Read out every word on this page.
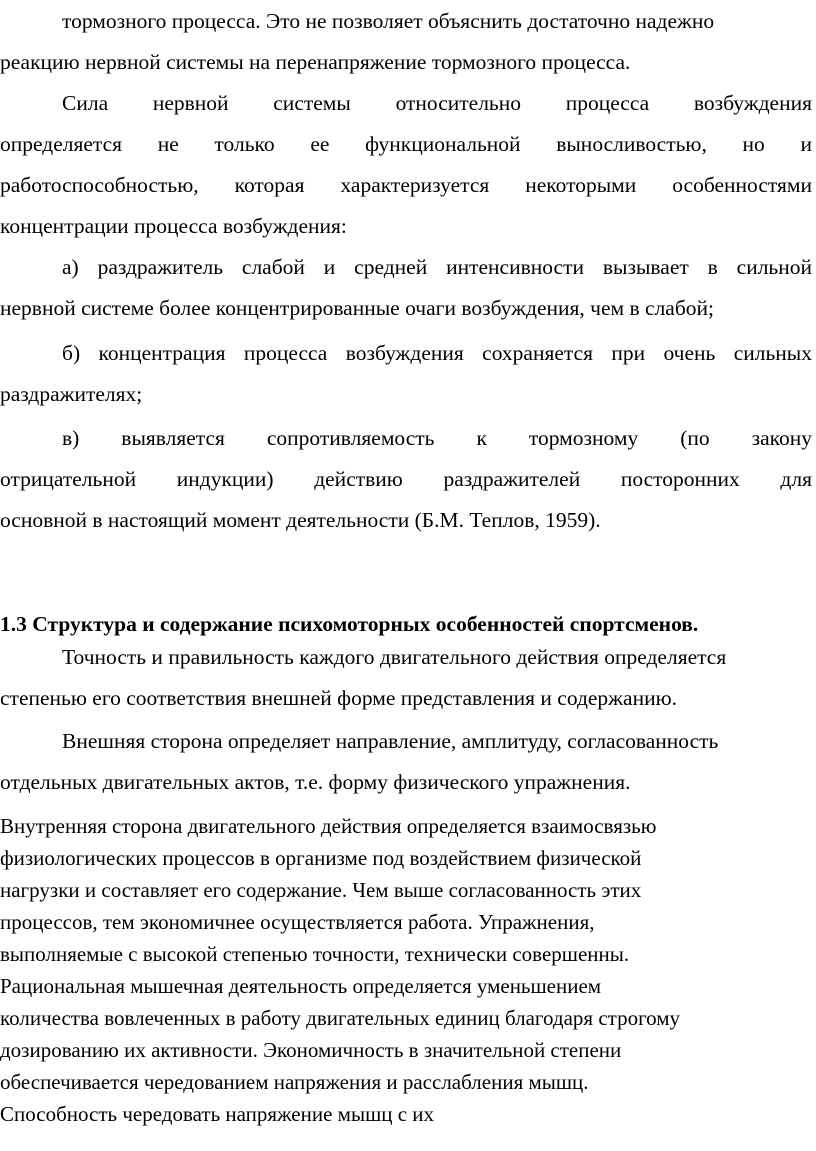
тормозного процесса. Это не позволяет объяснить достаточно надежно
реакцию нервной системы на перенапряжение тормозного процесса.
Сила нервной системы относительно процесса возбуждения
определяется не только ее функциональной выносливостью, но и
работоспособностью, которая характеризуется некоторыми особенностями
концентрации процесса возбуждения:
а) раздражитель слабой и средней интенсивности вызывает в сильной
нервной системе более концентрированные очаги возбуждения, чем в слабой;
б) концентрация процесса возбуждения сохраняется при очень сильных
раздражителях;
в) выявляется сопротивляемость к тормозному (по закону
отрицательной индукции) действию раздражителей посторонних для
основной в настоящий момент деятельности (Б.М. Теплов, 1959).
1.3 Структура и содержание психомоторных особенностей спортсменов.
Точность и правильность каждого двигательного действия определяется
степенью его соответствия внешней форме представления и содержанию.
Внешняя сторона определяет направление, амплитуду, согласованность
отдельных двигательных актов, т.е. форму физического упражнения.
Внутренняя сторона двигательного действия определяется взаимосвязью
физиологических процессов в организме под воздействием физической
нагрузки и составляет его содержание. Чем выше согласованность этих
процессов, тем экономичнее осуществляется работа. Упражнения,
выполняемые с высокой степенью точности, технически совершенны.
Рациональная мышечная деятельность определяется уменьшением
количества вовлеченных в работу двигательных единиц благодаря строгому
дозированию их активности. Экономичность в значительной степени
обеспечивается чередованием напряжения и расслабления мышц.
Способность чередовать напряжение мышц с их
